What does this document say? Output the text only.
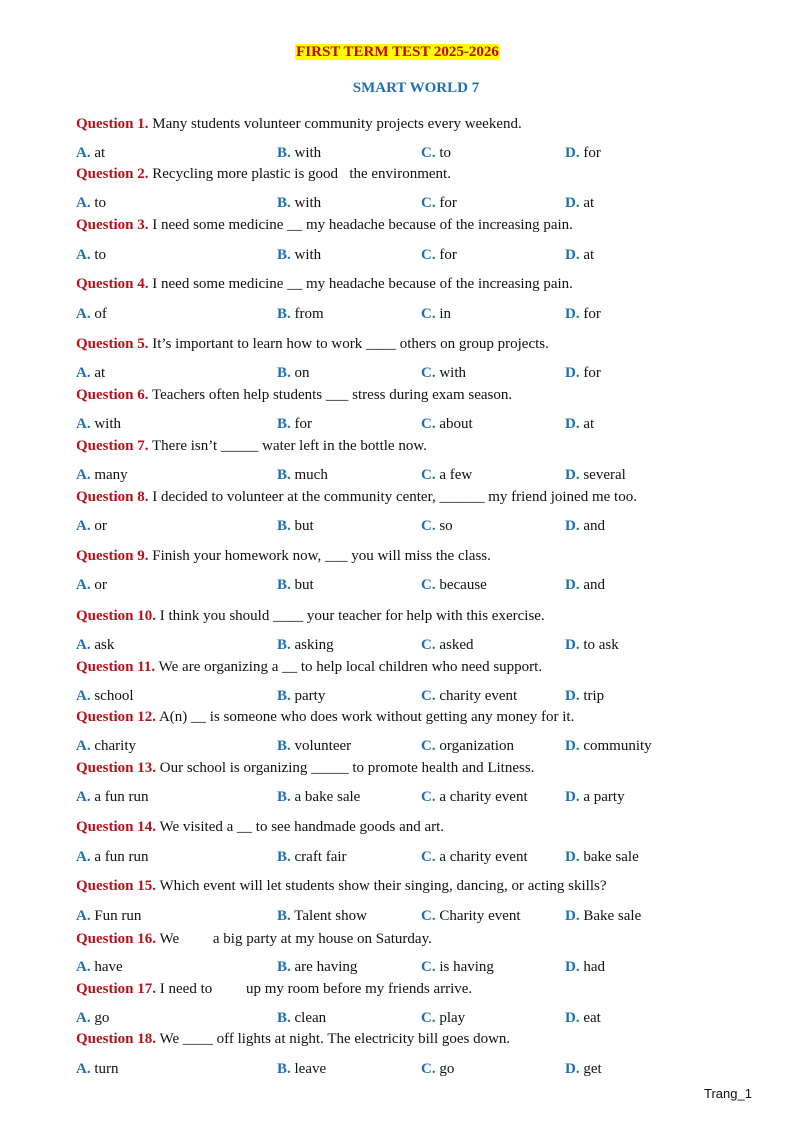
FIRST TERM TEST 2025-2026
SMART WORLD 7
Question 1. Many students volunteer community projects every weekend.
A. at	B. with	C. to	D. for
Question 2. Recycling more plastic is good   the environment.
A. to	B. with	C. for	D. at
Question 3. I need some medicine __ my headache because of the increasing pain.
A. to	B. with	C. for	D. at
Question 4. I need some medicine __ my headache because of the increasing pain.
A. of	B. from	C. in	D. for
Question 5. It’s important to learn how to work ____ others on group projects.
A. at	B. on	C. with	D. for
Question 6. Teachers often help students ___ stress during exam season.
A. with	B. for	C. about	D. at
Question 7. There isn’t _____ water left in the bottle now.
A. many	B. much	C. a few	D. several
Question 8. I decided to volunteer at the community center, ______ my friend joined me too.
A. or	B. but	C. so	D. and
Question 9. Finish your homework now, ___ you will miss the class.
A. or	B. but	C. because	D. and
Question 10. I think you should ____ your teacher for help with this exercise.
A. ask	B. asking	C. asked	D. to ask
Question 11. We are organizing a __ to help local children who need support.
A. school	B. party	C. charity event	D. trip
Question 12. A(n) __ is someone who does work without getting any money for it.
A. charity	B. volunteer	C. organization	D. community
Question 13. Our school is organizing _____ to promote health and Litness.
A. a fun run	B. a bake sale	C. a charity event D. a party
Question 14. We visited a __ to see handmade goods and art.
A. a fun run	B. craft fair	C. a charity event D. bake sale
Question 15. Which event will let students show their singing, dancing, or acting skills?
A. Fun run	B. Talent show	C. Charity event	D. Bake sale
Question 16. We         a big party at my house on Saturday.
A. have	B. are having	C. is having	D. had
Question 17. I need to         up my room before my friends arrive.
A. go	B. clean	C. play	D. eat
Question 18. We ____ off lights at night. The electricity bill goes down.
A. turn	B. leave	C. go	D. get
Trang_1
